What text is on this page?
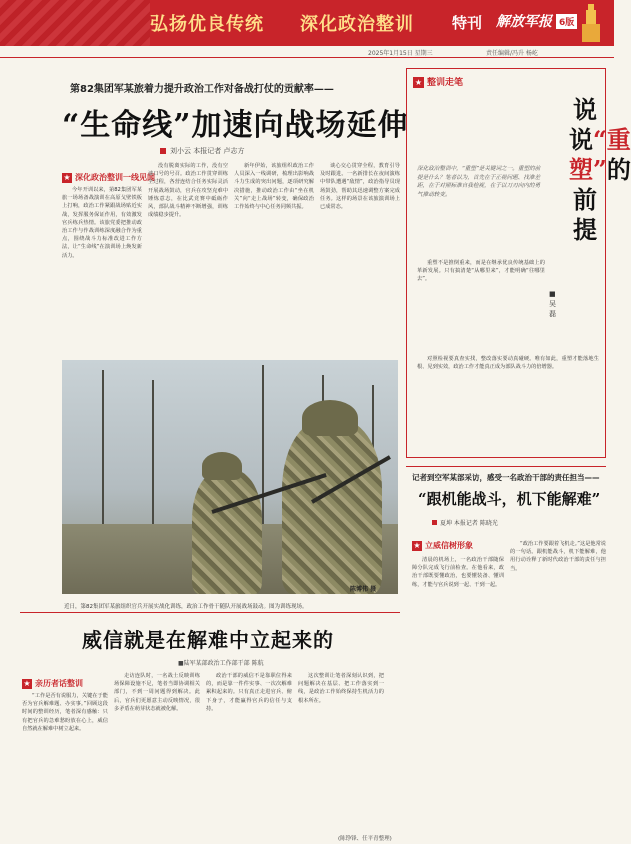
弘扬优良传统 深化政治整训	特刊 解放军报 6版
2025年1月15日 星期三	责任编辑/冯升 杨屹
第82集团军某旅着力提升政治工作对备战打仗的贡献率——
“生命线”加速向战场延伸
刘小云 本报记者 卢志方
★ 深化政治整训一线见闻

今年开训以来，第82集团军某旅一场场备战演训在高原戈壁铁板上打响，政治工作紧跟战场贴近实战，发挥服务保证作用，有效激发官兵练兵热情。该旅党委把推动政治工作与作战训练深度融合作为重点，围绕战斗力标准改进工作方法，让“生命线”在演训场上焕发新活力。

没有脱离实际的工作，没有空谈口号的号召。政治工作贯穿训练全过程，各营连结合任务实际灵活开展战场鼓动，官兵在攻坚克难中锤炼意志，在比武竞赛中砥砺作风，部队战斗精神不断增强，训练成绩稳步提升。

新年伊始，该旅组织政治工作人员深入一线调研，梳理出影响战斗力生成的突出问题，逐项研究解决措施，推动政治工作由“坐在机关”向“走上战场”转变，确保政治工作始终与中心任务同频共振。

谈心交心贯穿全程，教育引导及时跟进。一名新排长在夜间演练中带队遭遇“敌情”，政治指导员现场鼓劲，帮助其迅速调整方案完成任务。这样的场景在该旅演训场上已成常态。

陈博伟 摄
近日，第82集团军某旅组织官兵开展实战化训练，政治工作骨干随队开展战场鼓动。图为训练现场。
威信就是在解难中立起来的
■陆军某部政治工作部干部 陈航
★ 亲历者话整训

“工作是否有说服力，关键在于能否为官兵解难题、办实事。”回顾这段时间的整训经历，笔者深有感触：只有把官兵的急难愁盼放在心上，威信自然就在解难中树立起来。

走访连队时，一名战士反映训练场保障设施不足，笔者当即协调相关部门，不到一周问题得到解决。此后，官兵们更愿意主动反映情况，很多矛盾在萌芽状态就被化解。

政治干部的威信不是靠职位得来的，而是靠一件件实事、一次次解难累积起来的。只有真正走进官兵、俯下身子，才能赢得官兵的信任与支持。

这次整训让笔者深刻认识到，把问题解决在基层、把工作落实到一线，是政治工作始终保持生机活力的根本所在。

(陈铮锋、任平青整理)
★ 整训走笔
说说“重塑”的前提
■吴磊
深化政治整训中，“重塑”是关键词之一。重塑的前提是什么？笔者以为，首先在于正视问题、找准差距，在于对照标准自我检视，在于以刀刃向内的勇气推动转变。

重塑不是推倒重来，而是在继承优良传统基础上的革新发展。只有搞清楚“从哪里来”，才能明确“往哪里去”。

对照检视要真查实找，整改落实要动真碰硬。唯有如此，重塑才能落地生根、见到实效，政治工作才能真正成为部队战斗力的倍增器。

记者到空军某部采访，感受一名政治干部的责任担当——
“跟机能战斗，机下能解难”
夏坤 本报记者 陈晓光
★ 立威信树形象

清晨的机场上，一名政治干部随保障分队完成飞行前检查。在他看来，政治干部既要懂政治，也要懂装备、懂训练，才能与官兵说到一起、干到一起。

“政治工作要跟着飞机走。”这是他常说的一句话。跟机能战斗，机下能解难，他用行动诠释了新时代政治干部的责任与担当。
